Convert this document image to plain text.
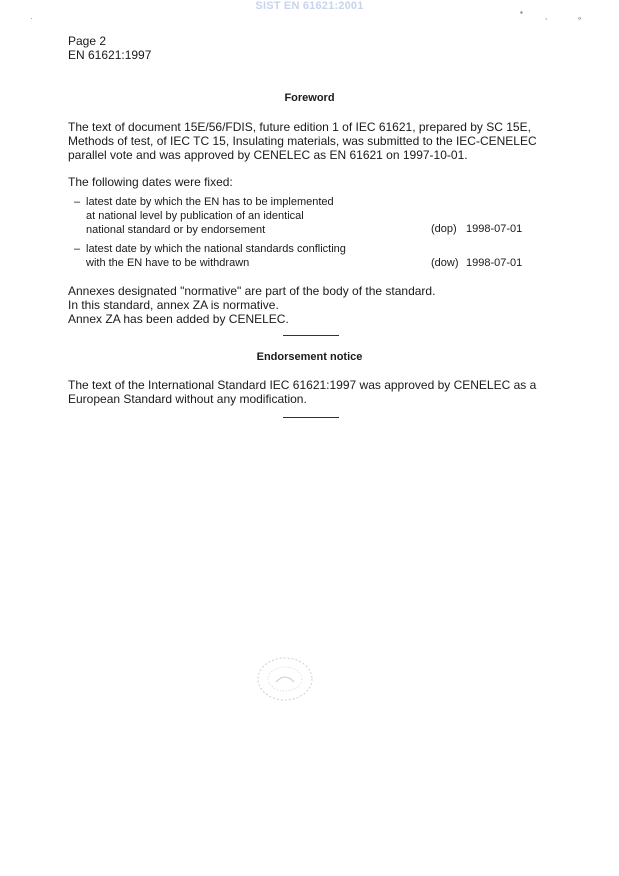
SIST EN 61621:2001
▪	,	∘
·
Page 2
EN 61621:1997
Foreword
The text of document 15E/56/FDIS, future edition 1 of IEC 61621, prepared by SC 15E,
Methods of test, of IEC TC 15, Insulating materials, was submitted to the IEC-CENELEC
parallel vote and was approved by CENELEC as EN 61621 on 1997-10-01.
The following dates were fixed:
– latest date by which the EN has to be implemented
at national level by publication of an identical
national standard or by endorsement	(dop) 1998-07-01
– latest date by which the national standards conflicting
with the EN have to be withdrawn	(dow) 1998-07-01
Annexes designated "normative" are part of the body of the standard.
In this standard, annex ZA is normative.
Annex ZA has been added by CENELEC.
Endorsement notice
The text of the International Standard IEC 61621:1997 was approved by CENELEC as a
European Standard without any modification.
